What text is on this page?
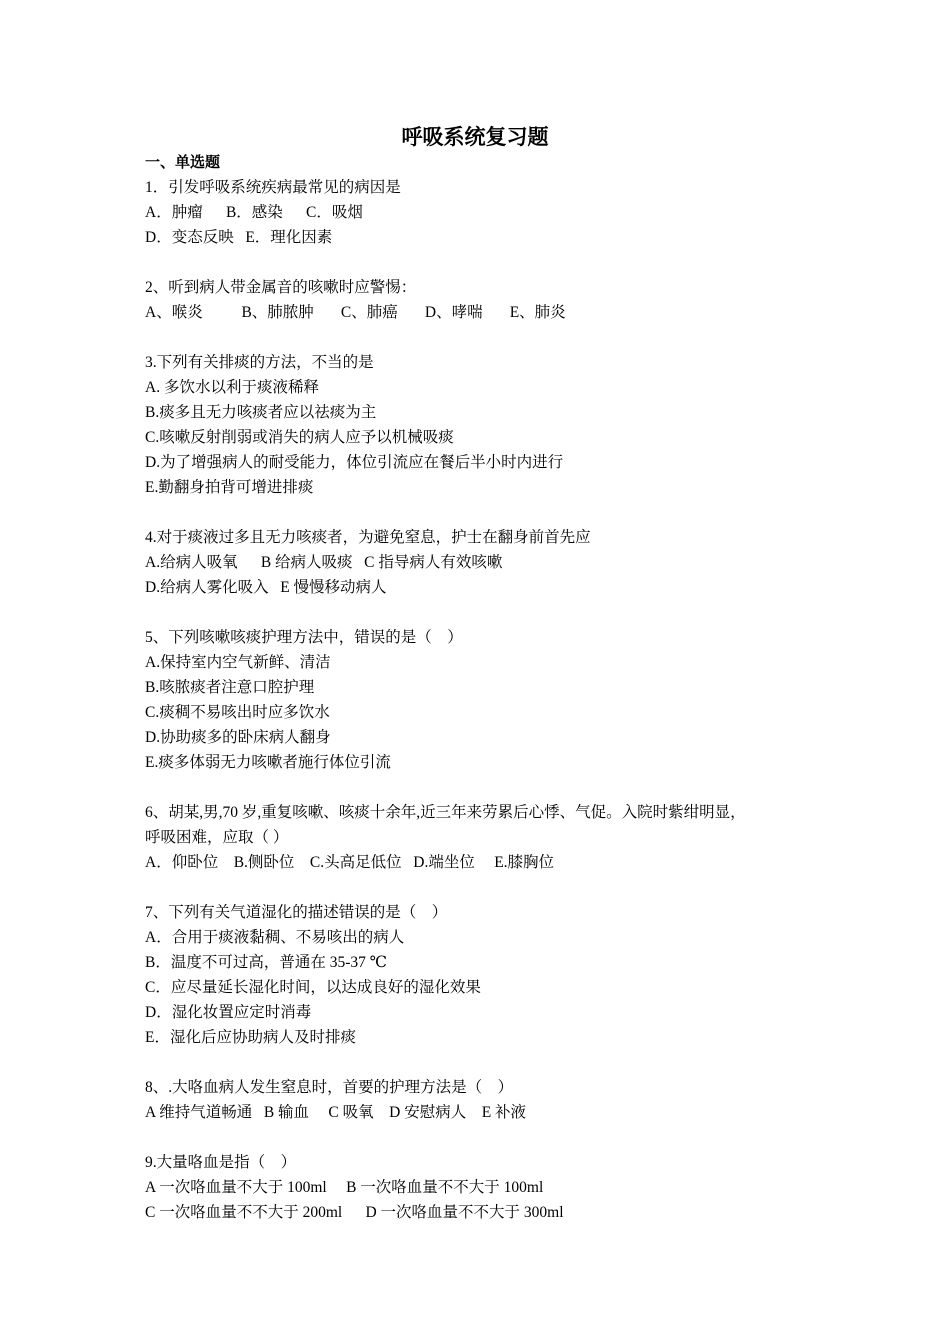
呼吸系统复习题
一、单选题
1．引发呼吸系统疾病最常见的病因是
A．肿瘤      B．感染      C．吸烟
D．变态反映   E．理化因素
2、听到病人带金属音的咳嗽时应警惕：
A、喉炎          B、肺脓肿       C、肺癌       D、哮喘       E、肺炎
3.下列有关排痰的方法，不当的是
A. 多饮水以利于痰液稀释
B.痰多且无力咳痰者应以祛痰为主
C.咳嗽反射削弱或消失的病人应予以机械吸痰
D.为了增强病人的耐受能力，体位引流应在餐后半小时内进行
E.勤翻身拍背可增进排痰
4.对于痰液过多且无力咳痰者，为避免窒息，护士在翻身前首先应
A.给病人吸氧      B 给病人吸痰   C 指导病人有效咳嗽
D.给病人雾化吸入   E 慢慢移动病人
5、下列咳嗽咳痰护理方法中，错误的是（    ）
A.保持室内空气新鲜、清洁
B.咳脓痰者注意口腔护理
C.痰稠不易咳出时应多饮水
D.协助痰多的卧床病人翻身
E.痰多体弱无力咳嗽者施行体位引流
6、胡某,男,70 岁,重复咳嗽、咳痰十余年,近三年来劳累后心悸、气促。入院时紫绀明显，
呼吸困难，应取（ ）
A．仰卧位    B.侧卧位    C.头高足低位   D.端坐位     E.膝胸位
7、下列有关气道湿化的描述错误的是（    ）
A．合用于痰液黏稠、不易咳出的病人
B．温度不可过高，普通在 35-37 ℃
C．应尽量延长湿化时间，以达成良好的湿化效果
D．湿化妆置应定时消毒
E．湿化后应协助病人及时排痰
8、.大咯血病人发生窒息时，首要的护理方法是（    ）
A 维持气道畅通   B 输血     C 吸氧    D 安慰病人    E 补液
9.大量咯血是指（    ）
A 一次咯血量不大于 100ml     B 一次咯血量不不大于 100ml
C 一次咯血量不不大于 200ml      D 一次咯血量不不大于 300ml
